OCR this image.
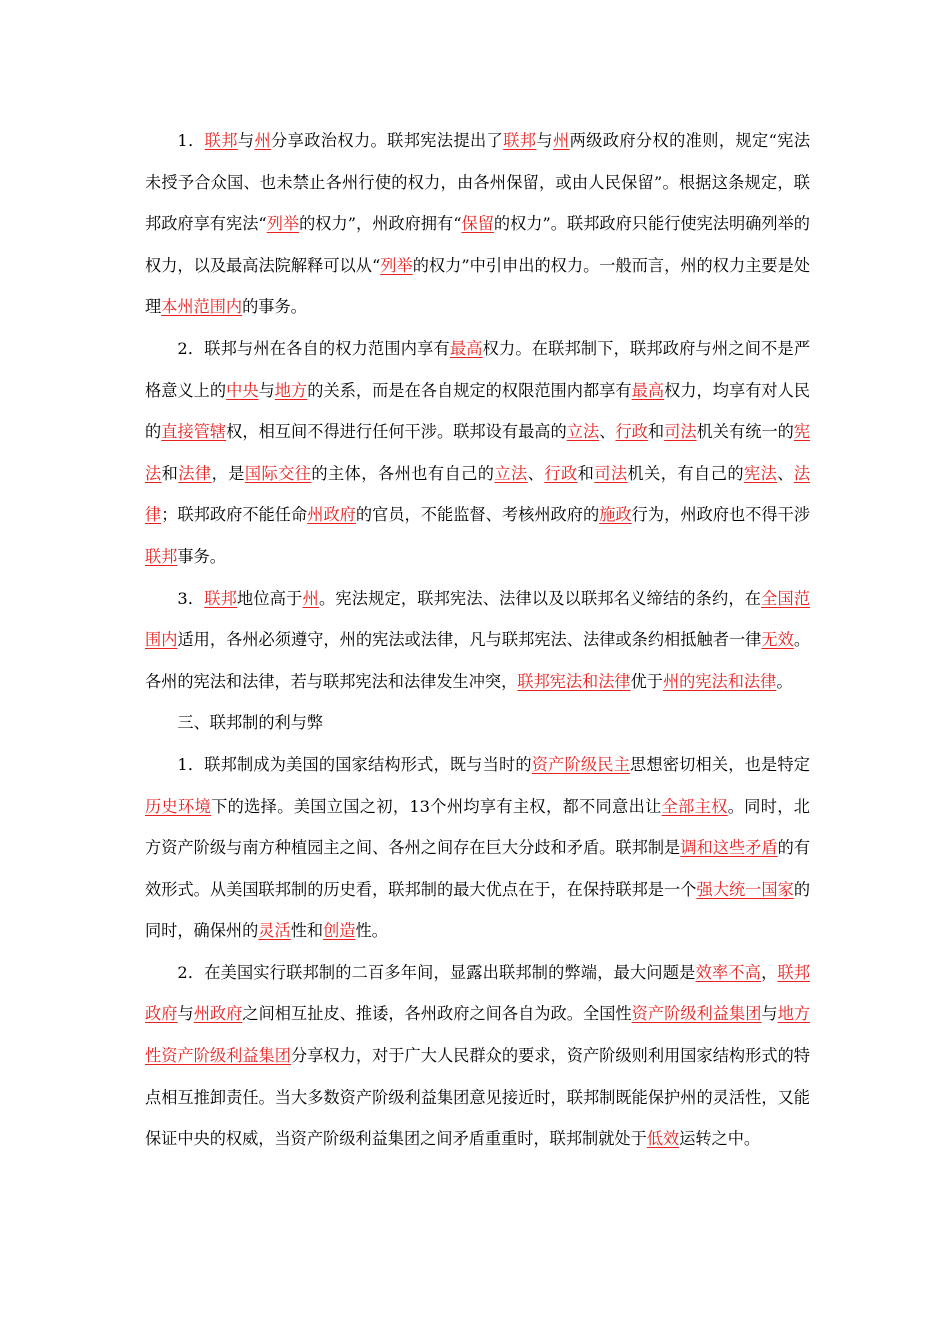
1．联邦与州分享政治权力。联邦宪法提出了联邦与州两级政府分权的准则，规定“宪法未授予合众国、也未禁止各州行使的权力，由各州保留，或由人民保留”。根据这条规定，联邦政府享有宪法“列举的权力”，州政府拥有“保留的权力”。联邦政府只能行使宪法明确列举的权力，以及最高法院解释可以从“列举的权力”中引申出的权力。一般而言，州的权力主要是处理本州范围内的事务。

2．联邦与州在各自的权力范围内享有最高权力。在联邦制下，联邦政府与州之间不是严格意义上的中央与地方的关系，而是在各自规定的权限范围内都享有最高权力，均享有对人民的直接管辖权，相互间不得进行任何干涉。联邦设有最高的立法、行政和司法机关有统一的宪法和法律，是国际交往的主体，各州也有自己的立法、行政和司法机关，有自己的宪法、法律；联邦政府不能任命州政府的官员，不能监督、考核州政府的施政行为，州政府也不得干涉联邦事务。

3．联邦地位高于州。宪法规定，联邦宪法、法律以及以联邦名义缔结的条约，在全国范围内适用，各州必须遵守，州的宪法或法律，凡与联邦宪法、法律或条约相抵触者一律无效。各州的宪法和法律，若与联邦宪法和法律发生冲突，联邦宪法和法律优于州的宪法和法律。

三、联邦制的利与弊

1．联邦制成为美国的国家结构形式，既与当时的资产阶级民主思想密切相关，也是特定历史环境下的选择。美国立国之初，13个州均享有主权，都不同意出让全部主权。同时，北方资产阶级与南方种植园主之间、各州之间存在巨大分歧和矛盾。联邦制是调和这些矛盾的有效形式。从美国联邦制的历史看，联邦制的最大优点在于，在保持联邦是一个强大统一国家的同时，确保州的灵活性和创造性。

2．在美国实行联邦制的二百多年间，显露出联邦制的弊端，最大问题是效率不高，联邦政府与州政府之间相互扯皮、推诿，各州政府之间各自为政。全国性资产阶级利益集团与地方性资产阶级利益集团分享权力，对于广大人民群众的要求，资产阶级则利用国家结构形式的特点相互推卸责任。当大多数资产阶级利益集团意见接近时，联邦制既能保护州的灵活性，又能保证中央的权威，当资产阶级利益集团之间矛盾重重时，联邦制就处于低效运转之中。
